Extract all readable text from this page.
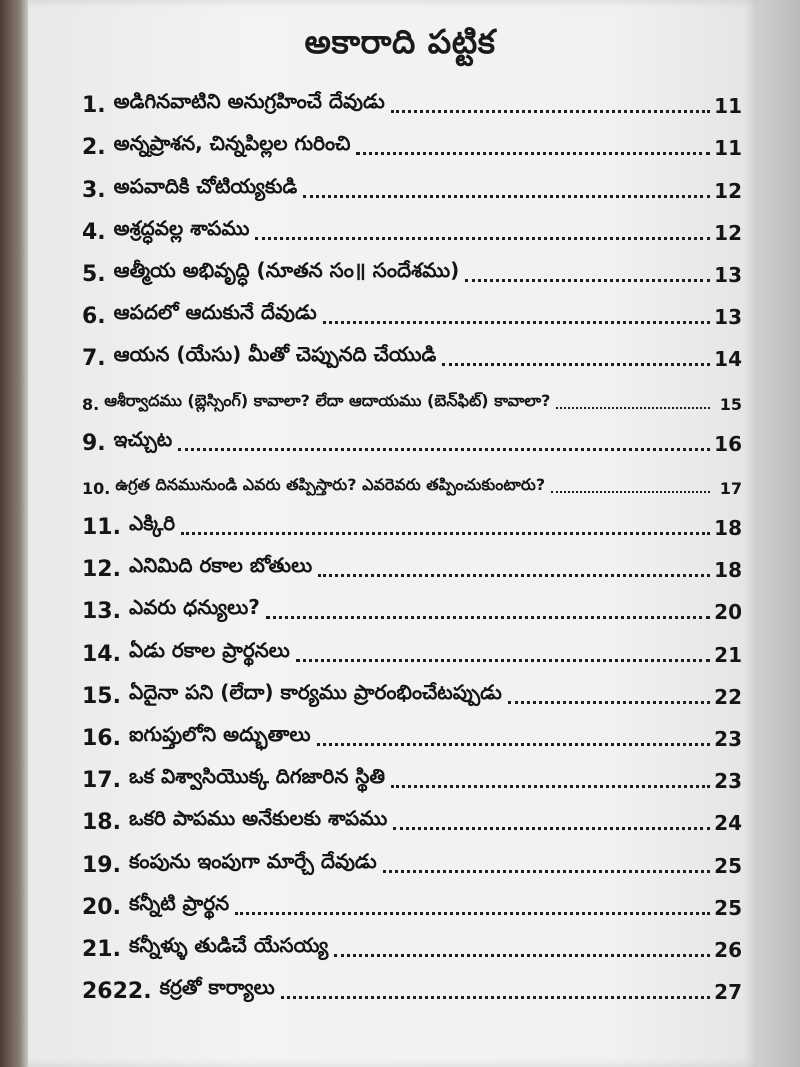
అకారాది పట్టిక
1. అడిగినవాటిని అనుగ్రహించే దేవుడు	11
2. అన్నప్రాశన, చిన్నపిల్లల గురించి	11
3. అపవాదికి చోటియ్యకుడి	12
4. అశ్రద్ధవల్ల శాపము	12
5. ఆత్మీయ అభివృద్ధి (నూతన సం॥ సందేశము)	13
6. ఆపదలో ఆదుకునే దేవుడు	13
7. ఆయన (యేసు) మీతో చెప్పునది చేయుడి	14
8. ఆశీర్వాదము (బ్లెస్సింగ్) కావాలా? లేదా ఆదాయము (బెన్‌ఫిట్) కావాలా?	15
9. ఇచ్చుట	16
10. ఉగ్రత దినమునుండి ఎవరు తప్పిస్తారు? ఎవరెవరు తప్పించుకుంటారు?	17
11. ఎక్కిరి	18
12. ఎనిమిది రకాల బోతులు	18
13. ఎవరు ధన్యులు?	20
14. ఏడు రకాల ప్రార్థనలు	21
15. ఏదైనా పని (లేదా) కార్యము ప్రారంభించేటప్పుడు	22
16. ఐగుప్తులోని అద్భుతాలు	23
17. ఒక విశ్వాసియొక్క దిగజారిన స్థితి	23
18. ఒకరి పాపము అనేకులకు శాపము	24
19. కంపును ఇంపుగా మార్చే దేవుడు	25
20. కన్నీటి ప్రార్థన	25
21. కన్నీళ్ళు తుడిచే యేసయ్య	26
2622. కర్రతో కార్యాలు	27
